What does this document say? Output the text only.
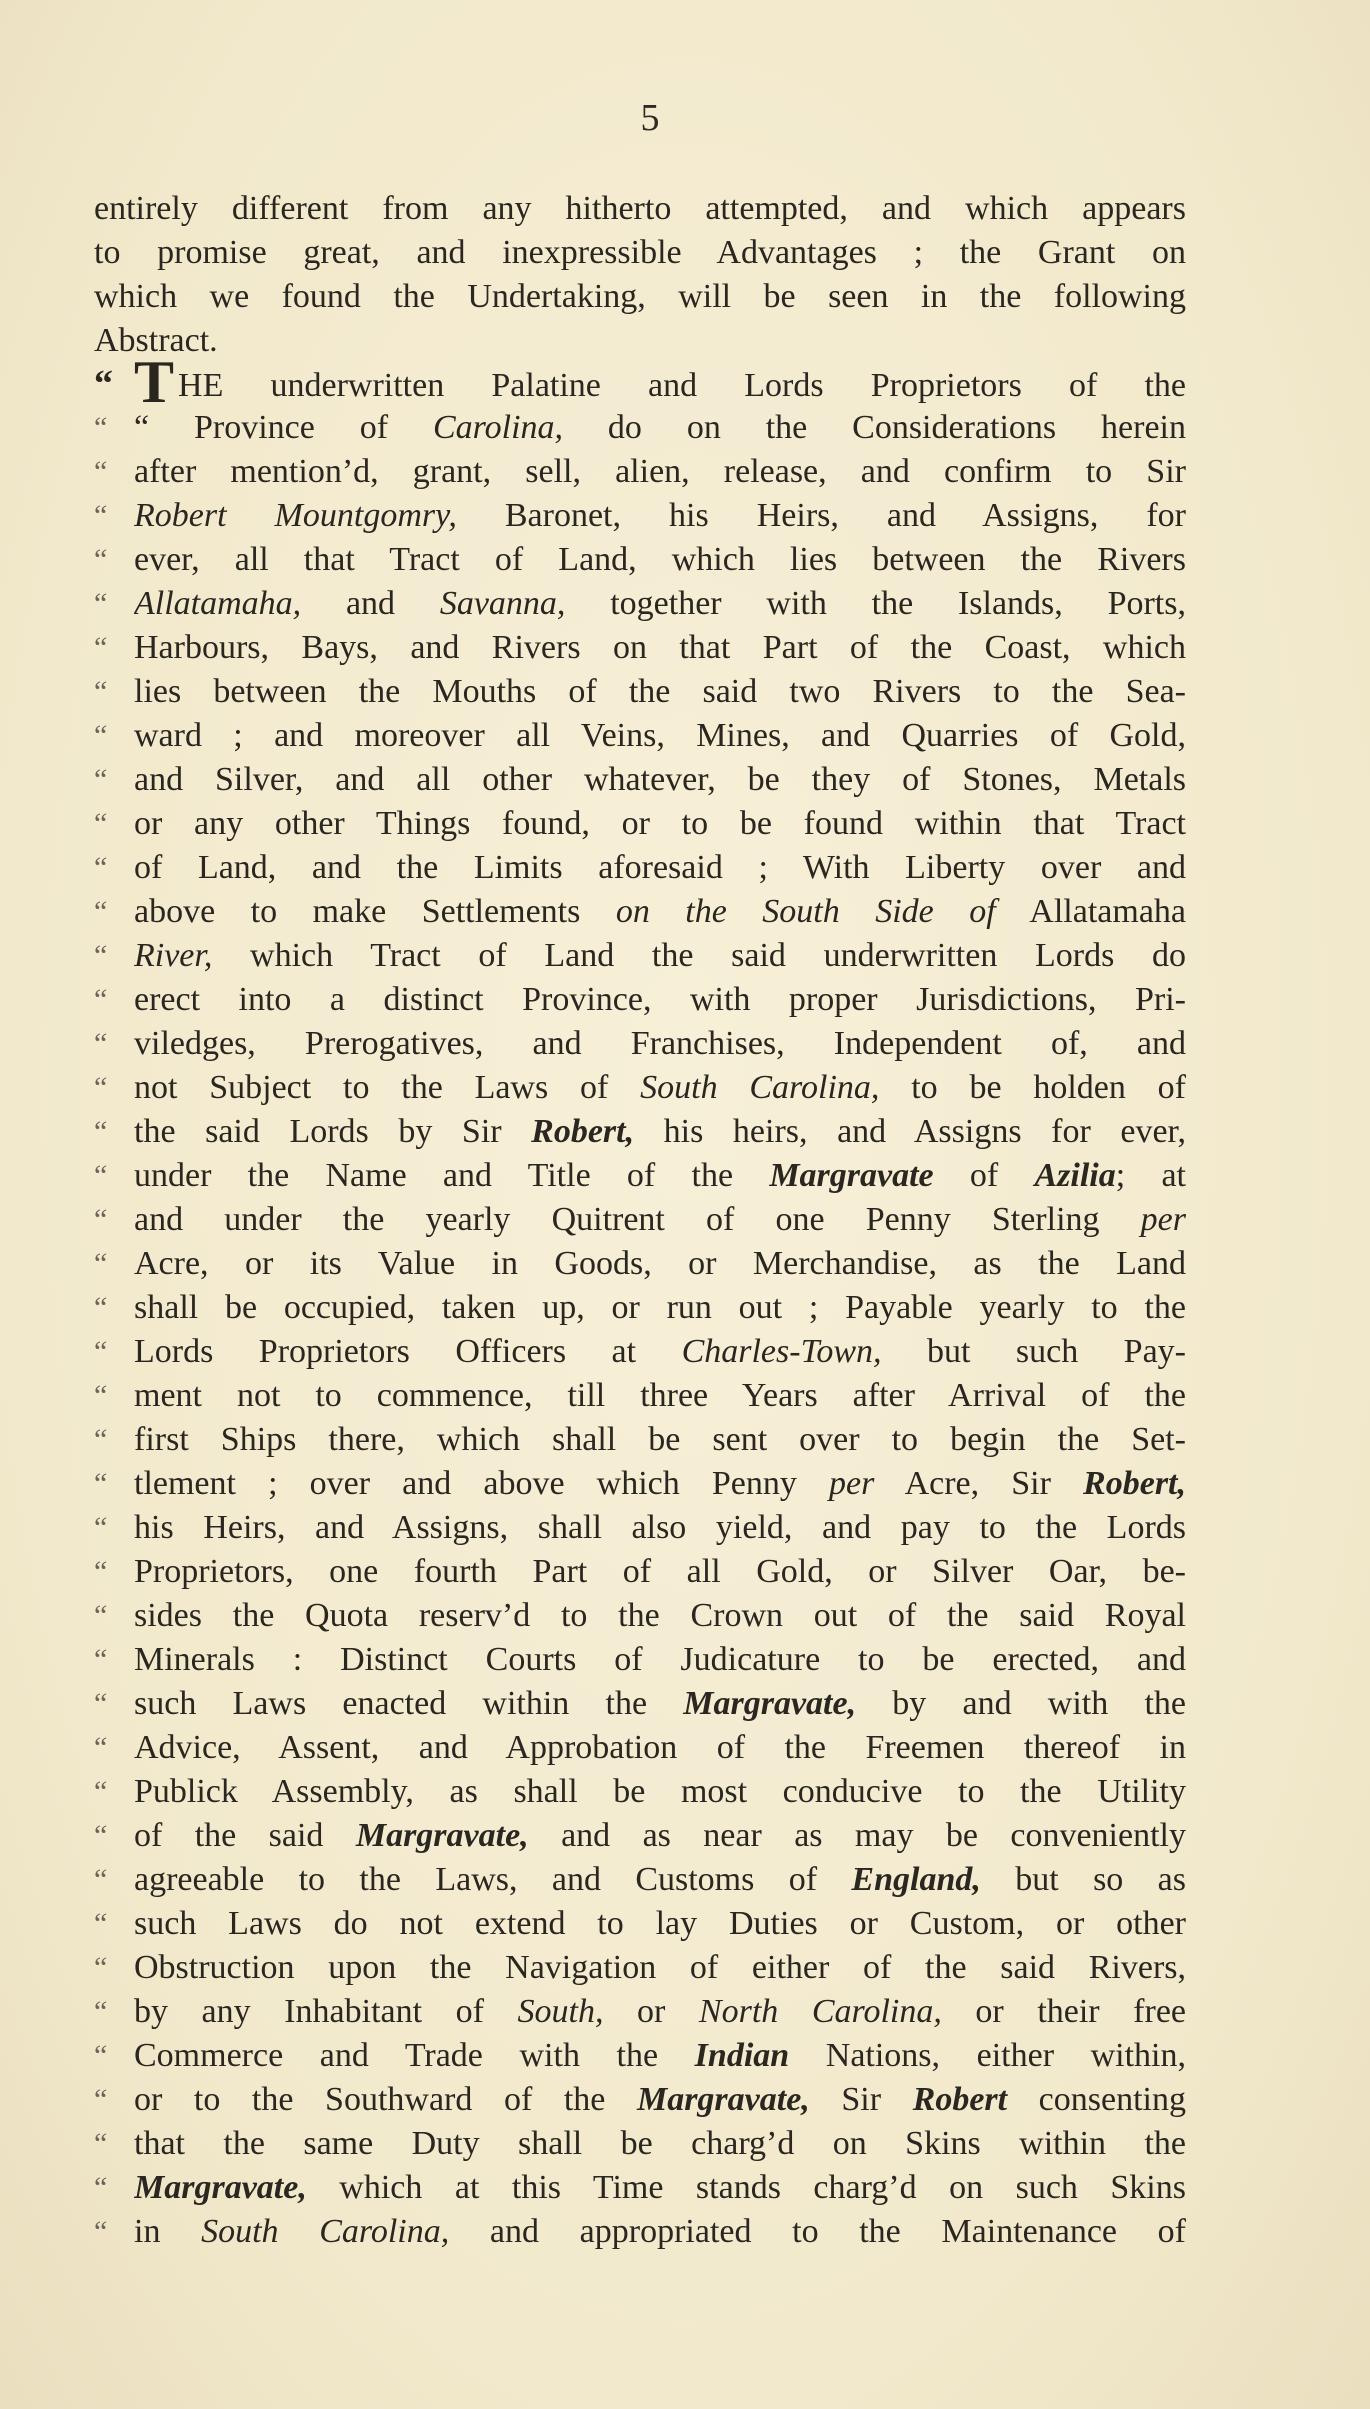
5
entirely different from any hitherto attempted, and which appears
to promise great, and inexpressible Advantages ; the Grant on
which we found the Undertaking, will be seen in the following
Abstract.
“ THE underwritten Palatine and Lords Proprietors of the
“ “ Province of Carolina, do on the Considerations herein
“ after mention’d, grant, sell, alien, release, and confirm to Sir
“ Robert Mountgomry, Baronet, his Heirs, and Assigns, for
“ ever, all that Tract of Land, which lies between the Rivers
“ Allatamaha, and Savanna, together with the Islands, Ports,
“ Harbours, Bays, and Rivers on that Part of the Coast, which
“ lies between the Mouths of the said two Rivers to the Sea-
“ ward ; and moreover all Veins, Mines, and Quarries of Gold,
“ and Silver, and all other whatever, be they of Stones, Metals
“ or any other Things found, or to be found within that Tract
“ of Land, and the Limits aforesaid ; With Liberty over and
“ above to make Settlements on the South Side of Allatamaha
“ River, which Tract of Land the said underwritten Lords do
“ erect into a distinct Province, with proper Jurisdictions, Pri-
“ viledges, Prerogatives, and Franchises, Independent of, and
“ not Subject to the Laws of South Carolina, to be holden of
“ the said Lords by Sir Robert, his heirs, and Assigns for ever,
“ under the Name and Title of the Margravate of Azilia; at
“ and under the yearly Quitrent of one Penny Sterling per
“ Acre, or its Value in Goods, or Merchandise, as the Land
“ shall be occupied, taken up, or run out ; Payable yearly to the
“ Lords Proprietors Officers at Charles-Town, but such Pay-
“ ment not to commence, till three Years after Arrival of the
“ first Ships there, which shall be sent over to begin the Set-
“ tlement ; over and above which Penny per Acre, Sir Robert,
“ his Heirs, and Assigns, shall also yield, and pay to the Lords
“ Proprietors, one fourth Part of all Gold, or Silver Oar, be-
“ sides the Quota reserv’d to the Crown out of the said Royal
“ Minerals : Distinct Courts of Judicature to be erected, and
“ such Laws enacted within the Margravate, by and with the
“ Advice, Assent, and Approbation of the Freemen thereof in
“ Publick Assembly, as shall be most conducive to the Utility
“ of the said Margravate, and as near as may be conveniently
“ agreeable to the Laws, and Customs of England, but so as
“ such Laws do not extend to lay Duties or Custom, or other
“ Obstruction upon the Navigation of either of the said Rivers,
“ by any Inhabitant of South, or North Carolina, or their free
“ Commerce and Trade with the Indian Nations, either within,
“ or to the Southward of the Margravate, Sir Robert consenting
“ that the same Duty shall be charg’d on Skins within the
“ Margravate, which at this Time stands charg’d on such Skins
“ in South Carolina, and appropriated to the Maintenance of
